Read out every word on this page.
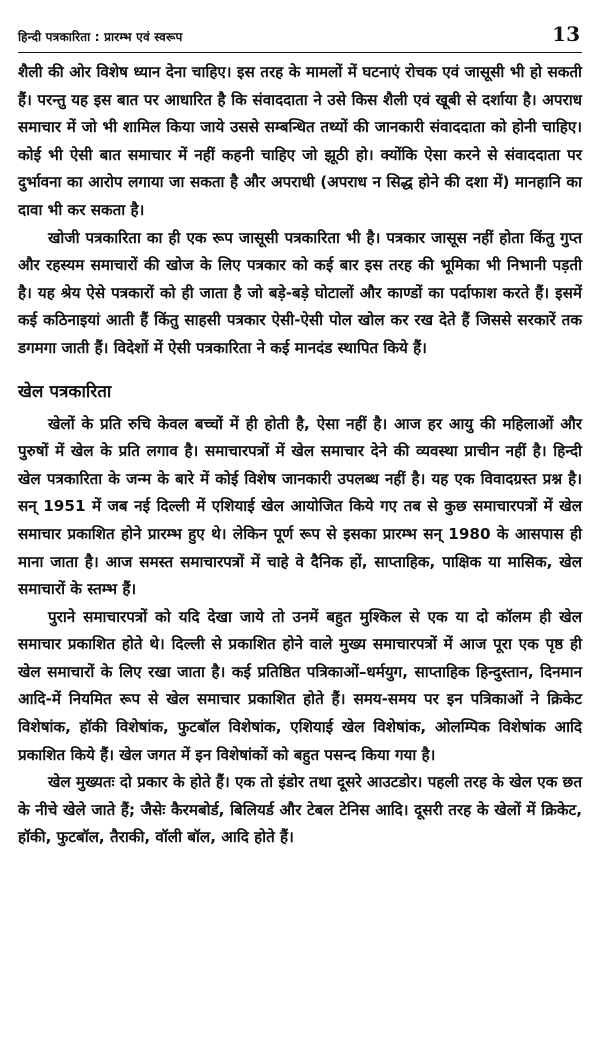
हिन्दी पत्रकारिता : प्रारम्भ एवं स्वरूप	13

शैली की ओर विशेष ध्यान देना चाहिए। इस तरह के मामलों में घटनाएं रोचक एवं जासूसी भी हो सकती हैं। परन्तु यह इस बात पर आधारित है कि संवाददाता ने उसे किस शैली एवं खूबी से दर्शाया है। अपराध समाचार में जो भी शामिल किया जाये उससे सम्बन्धित तथ्यों की जानकारी संवाददाता को होनी चाहिए। कोई भी ऐसी बात समाचार में नहीं कहनी चाहिए जो झूठी हो। क्योंकि ऐसा करने से संवाददाता पर दुर्भावना का आरोप लगाया जा सकता है और अपराधी (अपराध न सिद्ध होने की दशा में) मानहानि का दावा भी कर सकता है।

खोजी पत्रकारिता का ही एक रूप जासूसी पत्रकारिता भी है। पत्रकार जासूस नहीं होता किंतु गुप्त और रहस्यम समाचारों की खोज के लिए पत्रकार को कई बार इस तरह की भूमिका भी निभानी पड़ती है। यह श्रेय ऐसे पत्रकारों को ही जाता है जो बड़े-बड़े घोटालों और काण्डों का पर्दाफाश करते हैं। इसमें कई कठिनाइयां आती हैं किंतु साहसी पत्रकार ऐसी-ऐसी पोल खोल कर रख देते हैं जिससे सरकारें तक डगमगा जाती हैं। विदेशों में ऐसी पत्रकारिता ने कई मानदंड स्थापित किये हैं।

खेल पत्रकारिता

खेलों के प्रति रुचि केवल बच्चों में ही होती है, ऐसा नहीं है। आज हर आयु की महिलाओं और पुरुषों में खेल के प्रति लगाव है। समाचारपत्रों में खेल समाचार देने की व्यवस्था प्राचीन नहीं है। हिन्दी खेल पत्रकारिता के जन्म के बारे में कोई विशेष जानकारी उपलब्ध नहीं है। यह एक विवादग्रस्त प्रश्न है। सन् 1951 में जब नई दिल्ली में एशियाई खेल आयोजित किये गए तब से कुछ समाचारपत्रों में खेल समाचार प्रकाशित होने प्रारम्भ हुए थे। लेकिन पूर्ण रूप से इसका प्रारम्भ सन् 1980 के आसपास ही माना जाता है। आज समस्त समाचारपत्रों में चाहे वे दैनिक हों, साप्ताहिक, पाक्षिक या मासिक, खेल समाचारों के स्तम्भ हैं।

पुराने समाचारपत्रों को यदि देखा जाये तो उनमें बहुत मुश्किल से एक या दो कॉलम ही खेल समाचार प्रकाशित होते थे। दिल्ली से प्रकाशित होने वाले मुख्य समाचारपत्रों में आज पूरा एक पृष्ठ ही खेल समाचारों के लिए रखा जाता है। कई प्रतिष्ठित पत्रिकाओं–धर्मयुग, साप्ताहिक हिन्दुस्तान, दिनमान आदि-में नियमित रूप से खेल समाचार प्रकाशित होते हैं। समय-समय पर इन पत्रिकाओं ने क्रिकेट विशेषांक, हॉकी विशेषांक, फुटबॉल विशेषांक, एशियाई खेल विशेषांक, ओलम्पिक विशेषांक आदि प्रकाशित किये हैं। खेल जगत में इन विशेषांकों को बहुत पसन्द किया गया है।

खेल मुख्यतः दो प्रकार के होते हैं। एक तो इंडोर तथा दूसरे आउटडोर। पहली तरह के खेल एक छत के नीचे खेले जाते हैं; जैसेः कैरमबोर्ड, बिलियर्ड और टेबल टेनिस आदि। दूसरी तरह के खेलों में क्रिकेट, हॉकी, फुटबॉल, तैराकी, वॉली बॉल, आदि होते हैं।
